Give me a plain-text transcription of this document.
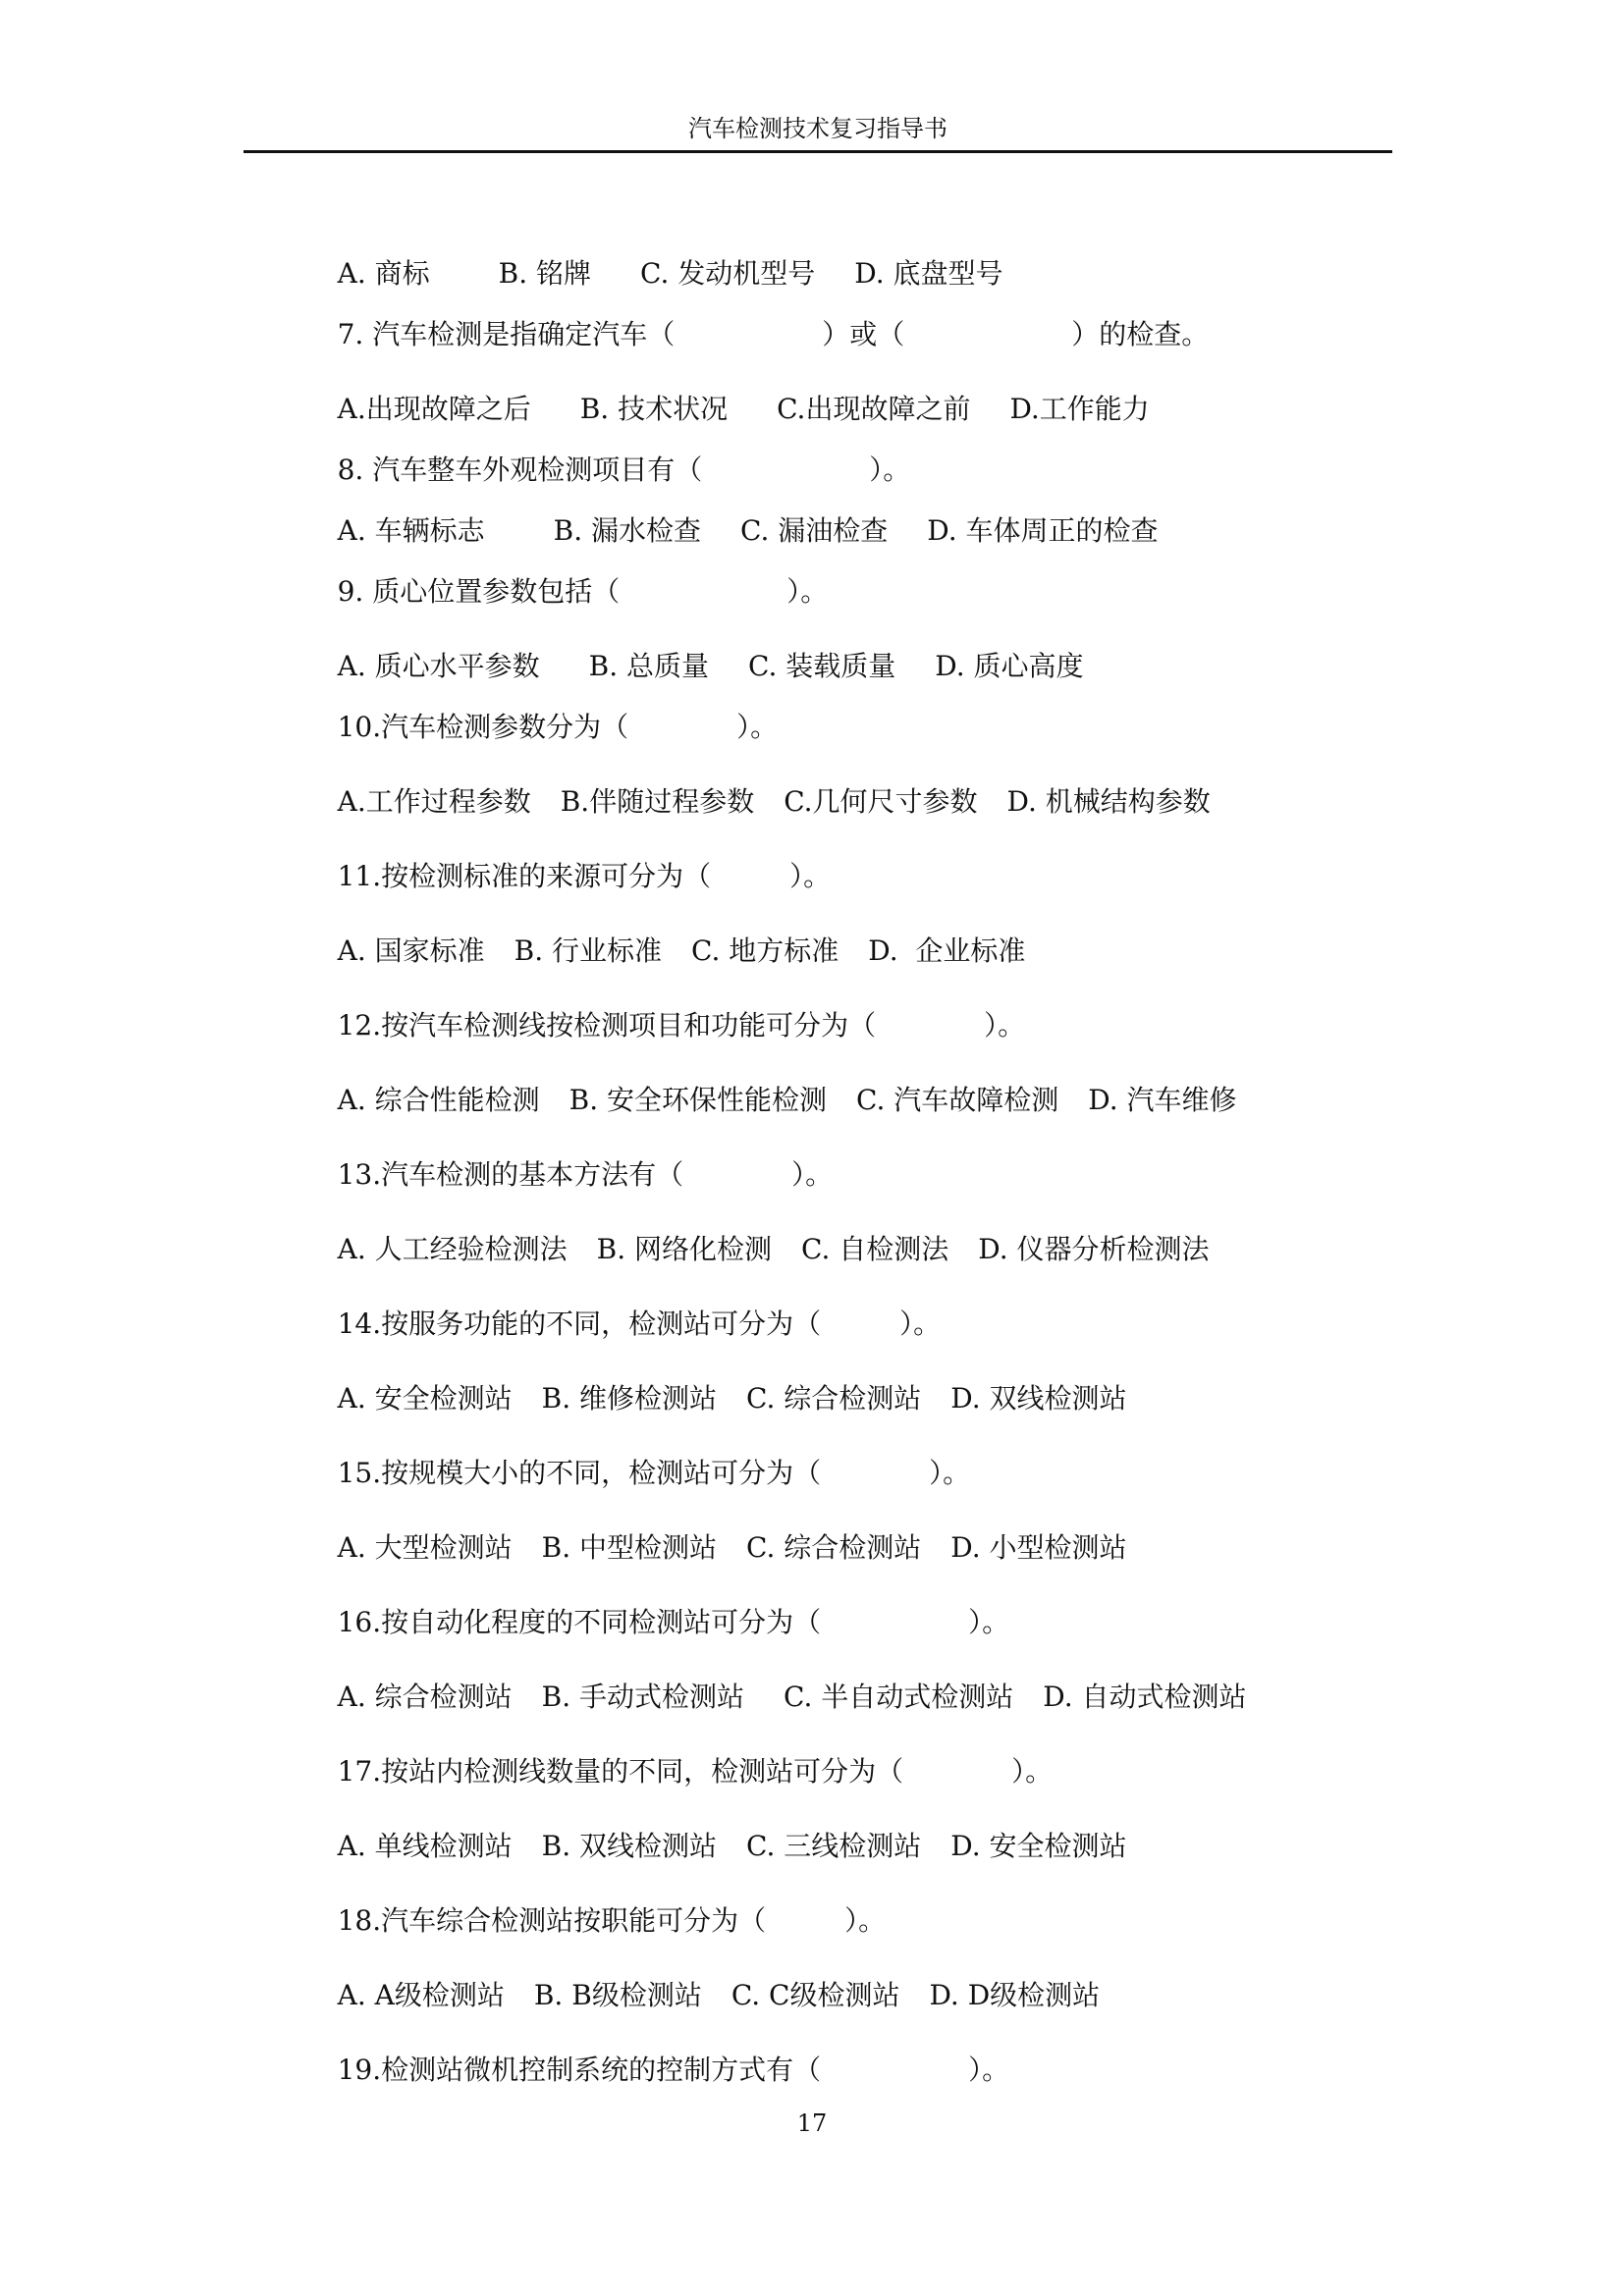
汽车检测技术复习指导书

A. 商标	B. 铭牌 C. 发动机型号 D. 底盘型号

7. 汽车检测是指确定汽车（	）或（	）的检查。

A.出现故障之后 B. 技术状况 C.出现故障之前 D.工作能力

8. 汽车整车外观检测项目有（	）。

A. 车辆标志	B. 漏水检查 C. 漏油检查 D. 车体周正的检查

9. 质心位置参数包括（	）。

A. 质心水平参数 B. 总质量 C. 装载质量 D. 质心高度

10.汽车检测参数分为（	）。

A.工作过程参数 B.伴随过程参数 C.几何尺寸参数 D. 机械结构参数

11.按检测标准的来源可分为（	）。

A. 国家标准 B. 行业标准 C. 地方标准 D.  企业标准

12.按汽车检测线按检测项目和功能可分为（	）。

A. 综合性能检测 B. 安全环保性能检测 C. 汽车故障检测 D. 汽车维修

13.汽车检测的基本方法有（	）。

A. 人工经验检测法 B. 网络化检测 C. 自检测法 D. 仪器分析检测法

14.按服务功能的不同，检测站可分为（	）。

A. 安全检测站 B. 维修检测站 C. 综合检测站 D. 双线检测站

15.按规模大小的不同，检测站可分为（	）。

A. 大型检测站 B. 中型检测站 C. 综合检测站 D. 小型检测站

16.按自动化程度的不同检测站可分为（	）。

A. 综合检测站 B. 手动式检测站 C. 半自动式检测站 D. 自动式检测站

17.按站内检测线数量的不同，检测站可分为（	）。

A. 单线检测站 B. 双线检测站 C. 三线检测站 D. 安全检测站

18.汽车综合检测站按职能可分为（	）。

A. A级检测站 B. B级检测站 C. C级检测站 D. D级检测站

19.检测站微机控制系统的控制方式有（	）。

17
